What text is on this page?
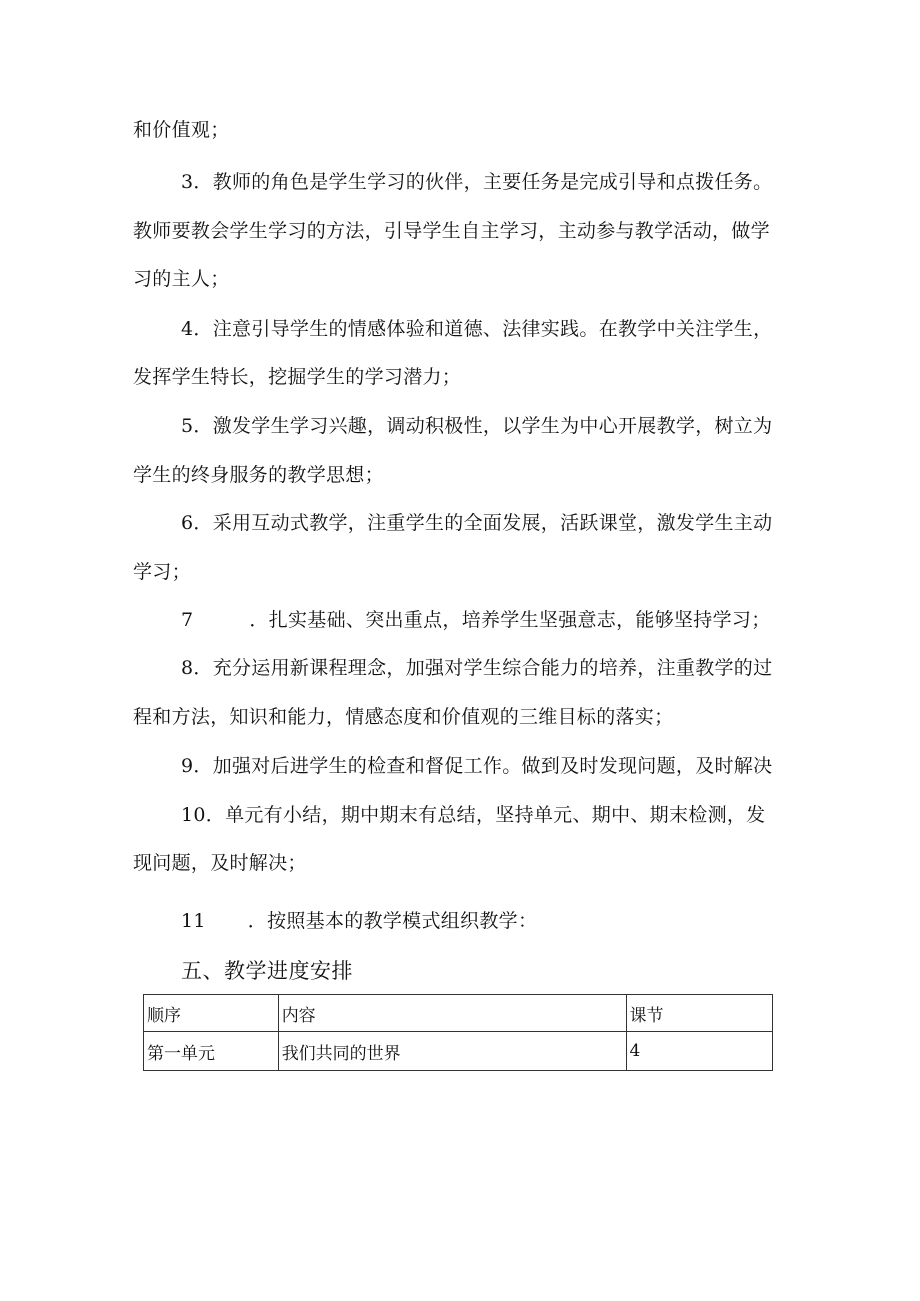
和价值观；
3．教师的角色是学生学习的伙伴，主要任务是完成引导和点拨任务。
教师要教会学生学习的方法，引导学生自主学习，主动参与教学活动，做学
习的主人；
4．注意引导学生的情感体验和道德、法律实践。在教学中关注学生，
发挥学生特长，挖掘学生的学习潜力；
5．激发学生学习兴趣，调动积极性，以学生为中心开展教学，树立为
学生的终身服务的教学思想；
6．采用互动式教学，注重学生的全面发展，活跃课堂，激发学生主动
学习；
7	．扎实基础、突出重点，培养学生坚强意志，能够坚持学习；
8．充分运用新课程理念，加强对学生综合能力的培养，注重教学的过
程和方法，知识和能力，情感态度和价值观的三维目标的落实；
9．加强对后进学生的检查和督促工作。做到及时发现问题，及时解决
10．单元有小结，期中期末有总结，坚持单元、期中、期末检测，发
现问题，及时解决；
11 ．按照基本的教学模式组织教学：
五、教学进度安排
顺序	内容	课节
第一单元	我们共同的世界	4
